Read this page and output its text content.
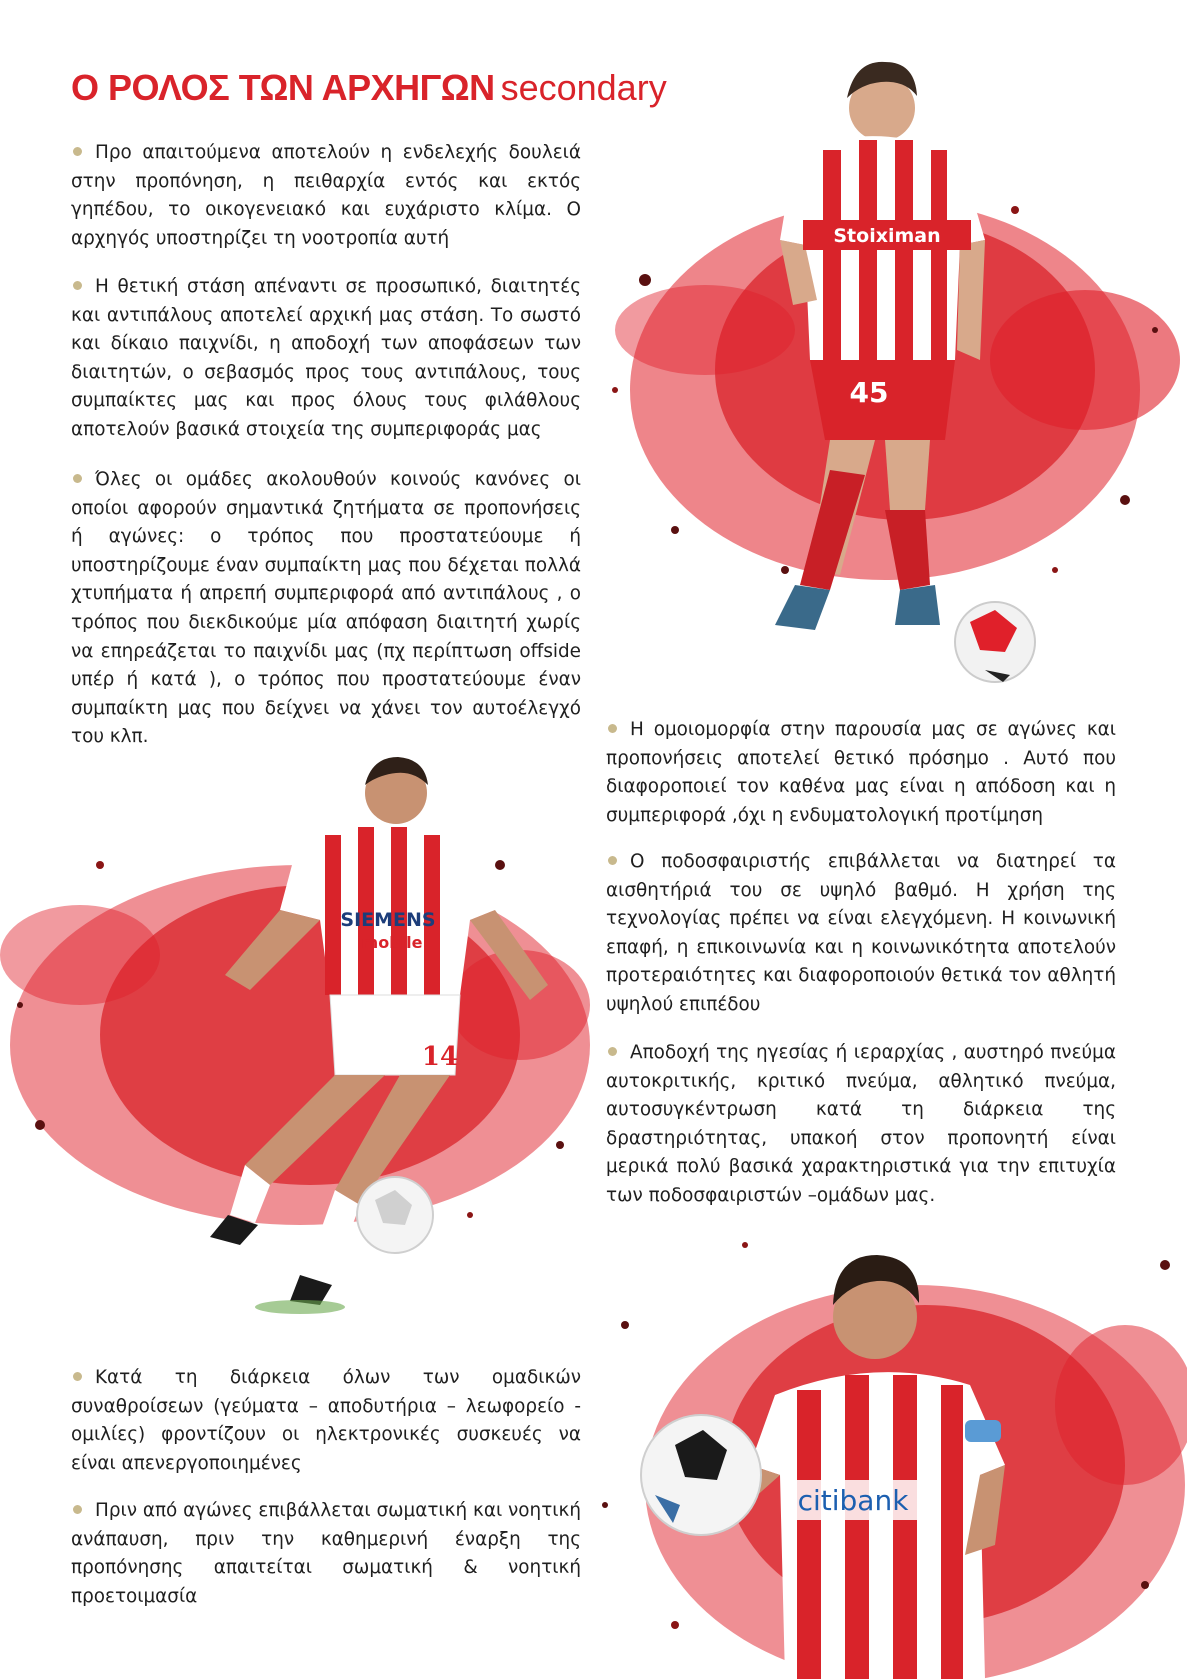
Ο ΡΟΛΟΣ ΤΩΝ ΑΡΧΗΓΩΝ secondary

Προ απαιτούμενα αποτελούν η ενδελεχής δουλειά στην προπόνηση, η πειθαρχία εντός και εκτός γηπέδου, το οικογενειακό και ευχάριστο κλίμα. Ο αρχηγός υποστηρίζει τη νοοτροπία αυτή

Η θετική στάση απέναντι σε προσωπικό, διαιτητές και αντιπάλους αποτελεί αρχική μας στάση. Το σωστό και δίκαιο παιχνίδι, η αποδοχή των αποφάσεων των διαιτητών, ο σεβασμός προς τους αντιπάλους, τους συμπαίκτες μας και προς όλους τους φιλάθλους αποτελούν βασικά στοιχεία της συμπεριφοράς μας

Όλες οι ομάδες ακολουθούν κοινούς κανόνες οι οποίοι αφορούν σημαντικά ζητήματα σε προπονήσεις ή αγώνες: ο τρόπος που προστατεύουμε ή υποστηρίζουμε έναν συμπαίκτη μας που δέχεται πολλά χτυπήματα ή απρεπή συμπεριφορά από αντιπάλους , ο τρόπος που διεκδικούμε μία απόφαση διαιτητή χωρίς να επηρεάζεται το παιχνίδι μας (πχ περίπτωση offside υπέρ ή κατά ), ο τρόπος που προστατεύουμε έναν συμπαίκτη μας που δείχνει να χάνει τον αυτοέλεγχό του κλπ.	Η ομοιομορφία στην παρουσία μας σε αγώνες και προπονήσεις αποτελεί θετικό πρόσημο . Αυτό που διαφοροποιεί τον καθένα μας είναι η απόδοση και η συμπεριφορά ,όχι η ενδυματολογική προτίμηση

Ο ποδοσφαιριστής επιβάλλεται να διατηρεί τα αισθητήριά του σε υψηλό βαθμό. Η χρήση της τεχνολογίας πρέπει να είναι ελεγχόμενη. Η κοινωνική επαφή, η επικοινωνία και η κοινωνικότητα αποτελούν προτεραιότητες και διαφοροποιούν θετικά τον αθλητή υψηλού επιπέδου

Αποδοχή της ηγεσίας ή ιεραρχίας , αυστηρό πνεύμα αυτοκριτικής, κριτικό πνεύμα, αθλητικό πνεύμα, αυτοσυγκέντρωση κατά τη διάρκεια της δραστηριότητας, υπακοή στον προπονητή είναι μερικά πολύ βασικά χαρακτηριστικά για την επιτυχία των ποδοσφαιριστών –ομάδων μας.

Κατά τη διάρκεια όλων των ομαδικών συναθροίσεων (γεύματα – αποδυτήρια – λεωφορείο - ομιλίες) φροντίζουν οι ηλεκτρονικές συσκευές να είναι απενεργοποιημένες

Πριν από αγώνες επιβάλλεται σωματική και νοητική ανάπαυση, πριν την καθημερινή έναρξη της προπόνησης απαιτείται σωματική & νοητική προετοιμασία

Stoiximan
45
SIEMENS
mobile
14
citibank
